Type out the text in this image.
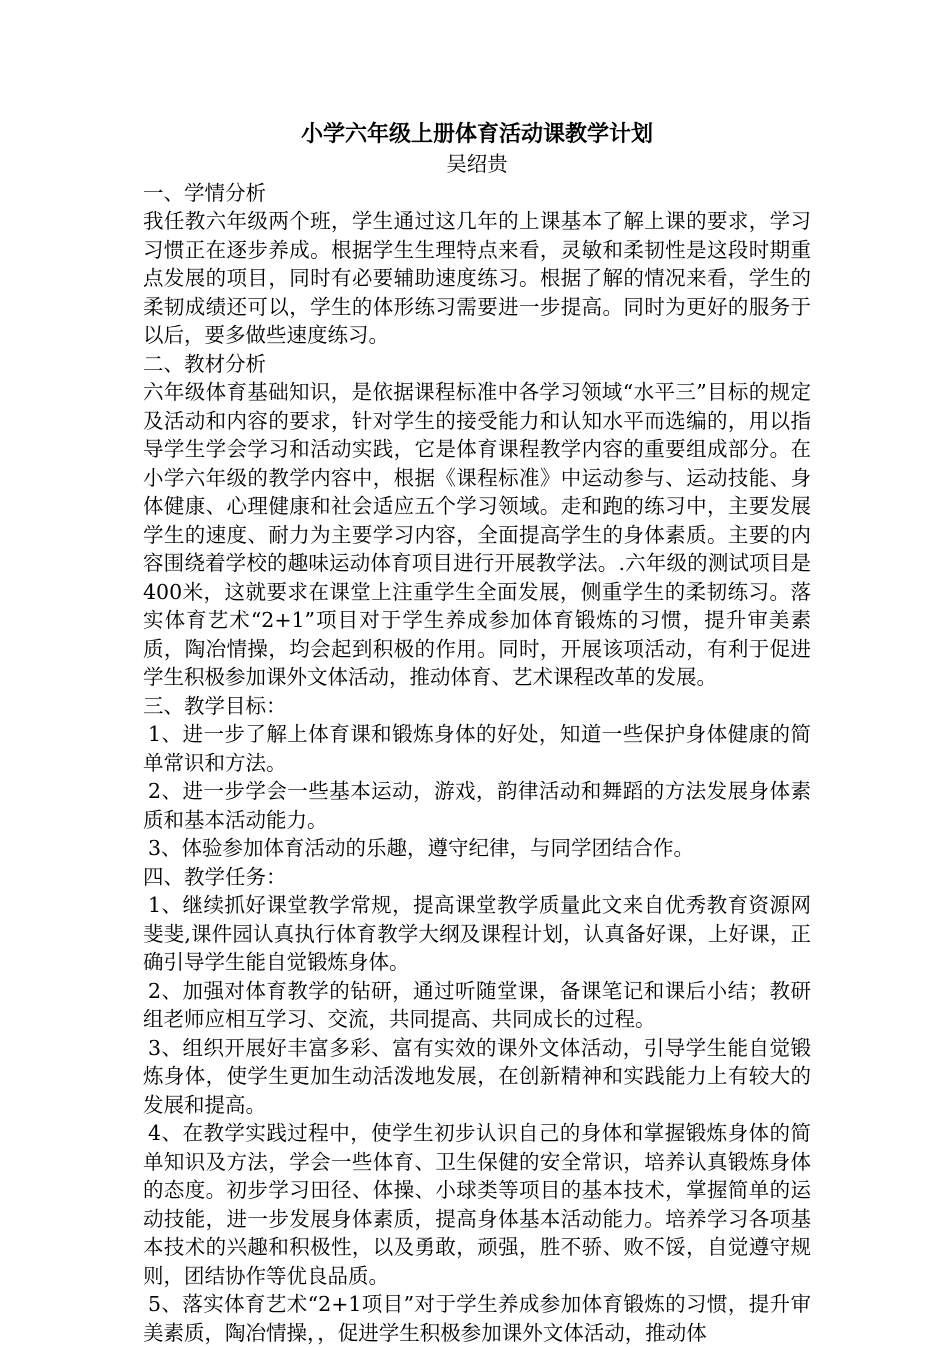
小学六年级上册体育活动课教学计划

吴绍贵

一、学情分析

我任教六年级两个班，学生通过这几年的上课基本了解上课的要求，学习习惯正在逐步养成。根据学生生理特点来看，灵敏和柔韧性是这段时期重点发展的项目，同时有必要辅助速度练习。根据了解的情况来看，学生的柔韧成绩还可以，学生的体形练习需要进一步提高。同时为更好的服务于以后，要多做些速度练习。

二、教材分析

六年级体育基础知识，是依据课程标准中各学习领域“水平三”目标的规定及活动和内容的要求，针对学生的接受能力和认知水平而选编的，用以指导学生学会学习和活动实践，它是体育课程教学内容的重要组成部分。在小学六年级的教学内容中，根据《课程标准》中运动参与、运动技能、身体健康、心理健康和社会适应五个学习领域。走和跑的练习中，主要发展学生的速度、耐力为主要学习内容，全面提高学生的身体素质。主要的内容围绕着学校的趣味运动体育项目进行开展教学法。.六年级的测试项目是400米，这就要求在课堂上注重学生全面发展，侧重学生的柔韧练习。落实体育艺术“2+1”项目对于学生养成参加体育锻炼的习惯，提升审美素质，陶冶情操，均会起到积极的作用。同时，开展该项活动，有利于促进学生积极参加课外文体活动，推动体育、艺术课程改革的发展。

三、教学目标：

1、进一步了解上体育课和锻炼身体的好处，知道一些保护身体健康的简单常识和方法。

2、进一步学会一些基本运动，游戏，韵律活动和舞蹈的方法发展身体素质和基本活动能力。

3、体验参加体育活动的乐趣，遵守纪律，与同学团结合作。

四、教学任务：

1、继续抓好课堂教学常规，提高课堂教学质量此文来自优秀教育资源网斐斐,课件园认真执行体育教学大纲及课程计划，认真备好课，上好课，正确引导学生能自觉锻炼身体。

2、加强对体育教学的钻研，通过听随堂课，备课笔记和课后小结；教研组老师应相互学习、交流，共同提高、共同成长的过程。

3、组织开展好丰富多彩、富有实效的课外文体活动，引导学生能自觉锻炼身体，使学生更加生动活泼地发展，在创新精神和实践能力上有较大的发展和提高。

4、在教学实践过程中，使学生初步认识自己的身体和掌握锻炼身体的简单知识及方法，学会一些体育、卫生保健的安全常识，培养认真锻炼身体的态度。初步学习田径、体操、小球类等项目的基本技术，掌握简单的运动技能，进一步发展身体素质，提高身体基本活动能力。培养学习各项基本技术的兴趣和积极性，以及勇敢，顽强，胜不骄、败不馁，自觉遵守规则，团结协作等优良品质。

5、落实体育艺术“2+1项目”对于学生养成参加体育锻炼的习惯，提升审美素质，陶冶情操，，促进学生积极参加课外文体活动，推动体
